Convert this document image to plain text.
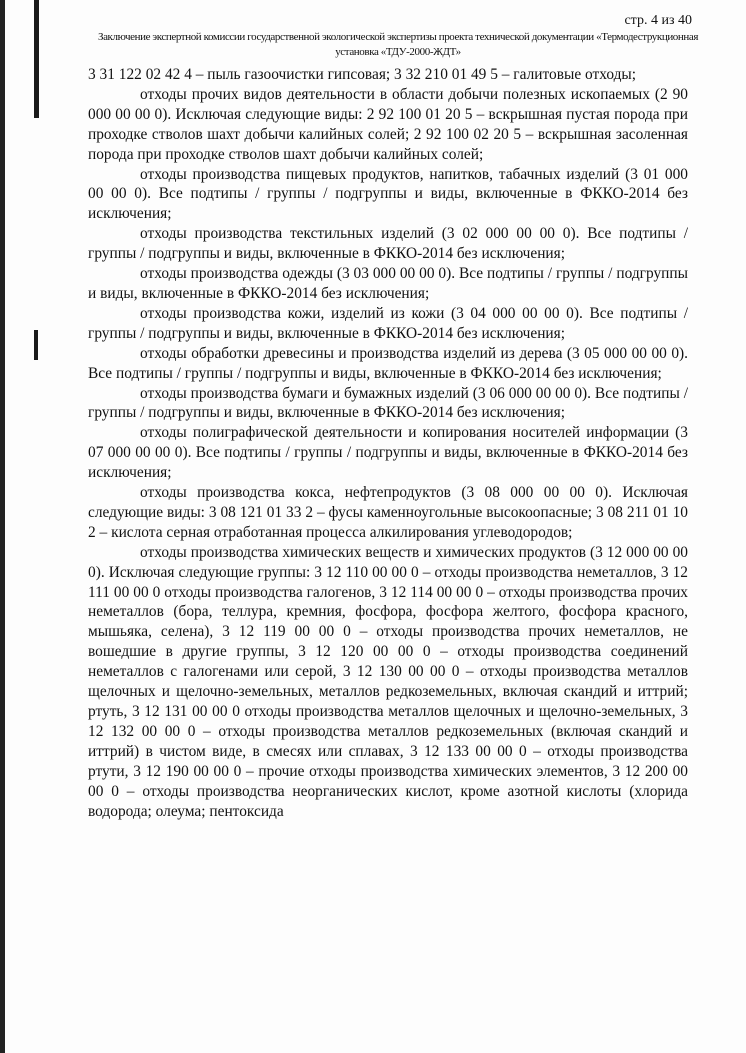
стр. 4 из 40
Заключение экспертной комиссии государственной экологической экспертизы проекта технической документации «Термодеструкционная
установка «ТДУ-2000-ЖДТ»

3 31 122 02 42 4 – пыль газоочистки гипсовая; 3 32 210 01 49 5 – галитовые отходы;

отходы прочих видов деятельности в области добычи полезных ископаемых (2 90 000 00 00 0). Исключая следующие виды: 2 92 100 01 20 5 – вскрышная пустая порода при проходке стволов шахт добычи калийных солей; 2 92 100 02 20 5 – вскрышная засоленная порода при проходке стволов шахт добычи калийных солей;

отходы производства пищевых продуктов, напитков, табачных изделий (3 01 000 00 00 0). Все подтипы / группы / подгруппы и виды, включенные в ФККО-2014 без исключения;

отходы производства текстильных изделий (3 02 000 00 00 0). Все подтипы / группы / подгруппы и виды, включенные в ФККО-2014 без исключения;

отходы производства одежды (3 03 000 00 00 0). Все подтипы / группы / подгруппы и виды, включенные в ФККО-2014 без исключения;

отходы производства кожи, изделий из кожи (3 04 000 00 00 0). Все подтипы / группы / подгруппы и виды, включенные в ФККО-2014 без исключения;

отходы обработки древесины и производства изделий из дерева (3 05 000 00 00 0). Все подтипы / группы / подгруппы и виды, включенные в ФККО-2014 без исключения;

отходы производства бумаги и бумажных изделий (3 06 000 00 00 0). Все подтипы / группы / подгруппы и виды, включенные в ФККО-2014 без исключения;

отходы полиграфической деятельности и копирования носителей информации (3 07 000 00 00 0). Все подтипы / группы / подгруппы и виды, включенные в ФККО-2014 без исключения;

отходы производства кокса, нефтепродуктов (3 08 000 00 00 0). Исключая следующие виды: 3 08 121 01 33 2 – фусы каменноугольные высокоопасные; 3 08 211 01 10 2 – кислота серная отработанная процесса алкилирования углеводородов;

отходы производства химических веществ и химических продуктов (3 12 000 00 00 0). Исключая следующие группы: 3 12 110 00 00 0 – отходы производства неметаллов, 3 12 111 00 00 0 отходы производства галогенов, 3 12 114 00 00 0 – отходы производства прочих неметаллов (бора, теллура, кремния, фосфора, фосфора желтого, фосфора красного, мышьяка, селена), 3 12 119 00 00 0 – отходы производства прочих неметаллов, не вошедшие в другие группы, 3 12 120 00 00 0 – отходы производства соединений неметаллов с галогенами или серой, 3 12 130 00 00 0 – отходы производства металлов щелочных и щелочно-земельных, металлов редкоземельных, включая скандий и иттрий; ртуть, 3 12 131 00 00 0 отходы производства металлов щелочных и щелочно-земельных, 3 12 132 00 00 0 – отходы производства металлов редкоземельных (включая скандий и иттрий) в чистом виде, в смесях или сплавах, 3 12 133 00 00 0 – отходы производства ртути, 3 12 190 00 00 0 – прочие отходы производства химических элементов, 3 12 200 00 00 0 – отходы производства неорганических кислот, кроме азотной кислоты (хлорида водорода; олеума; пентоксида
